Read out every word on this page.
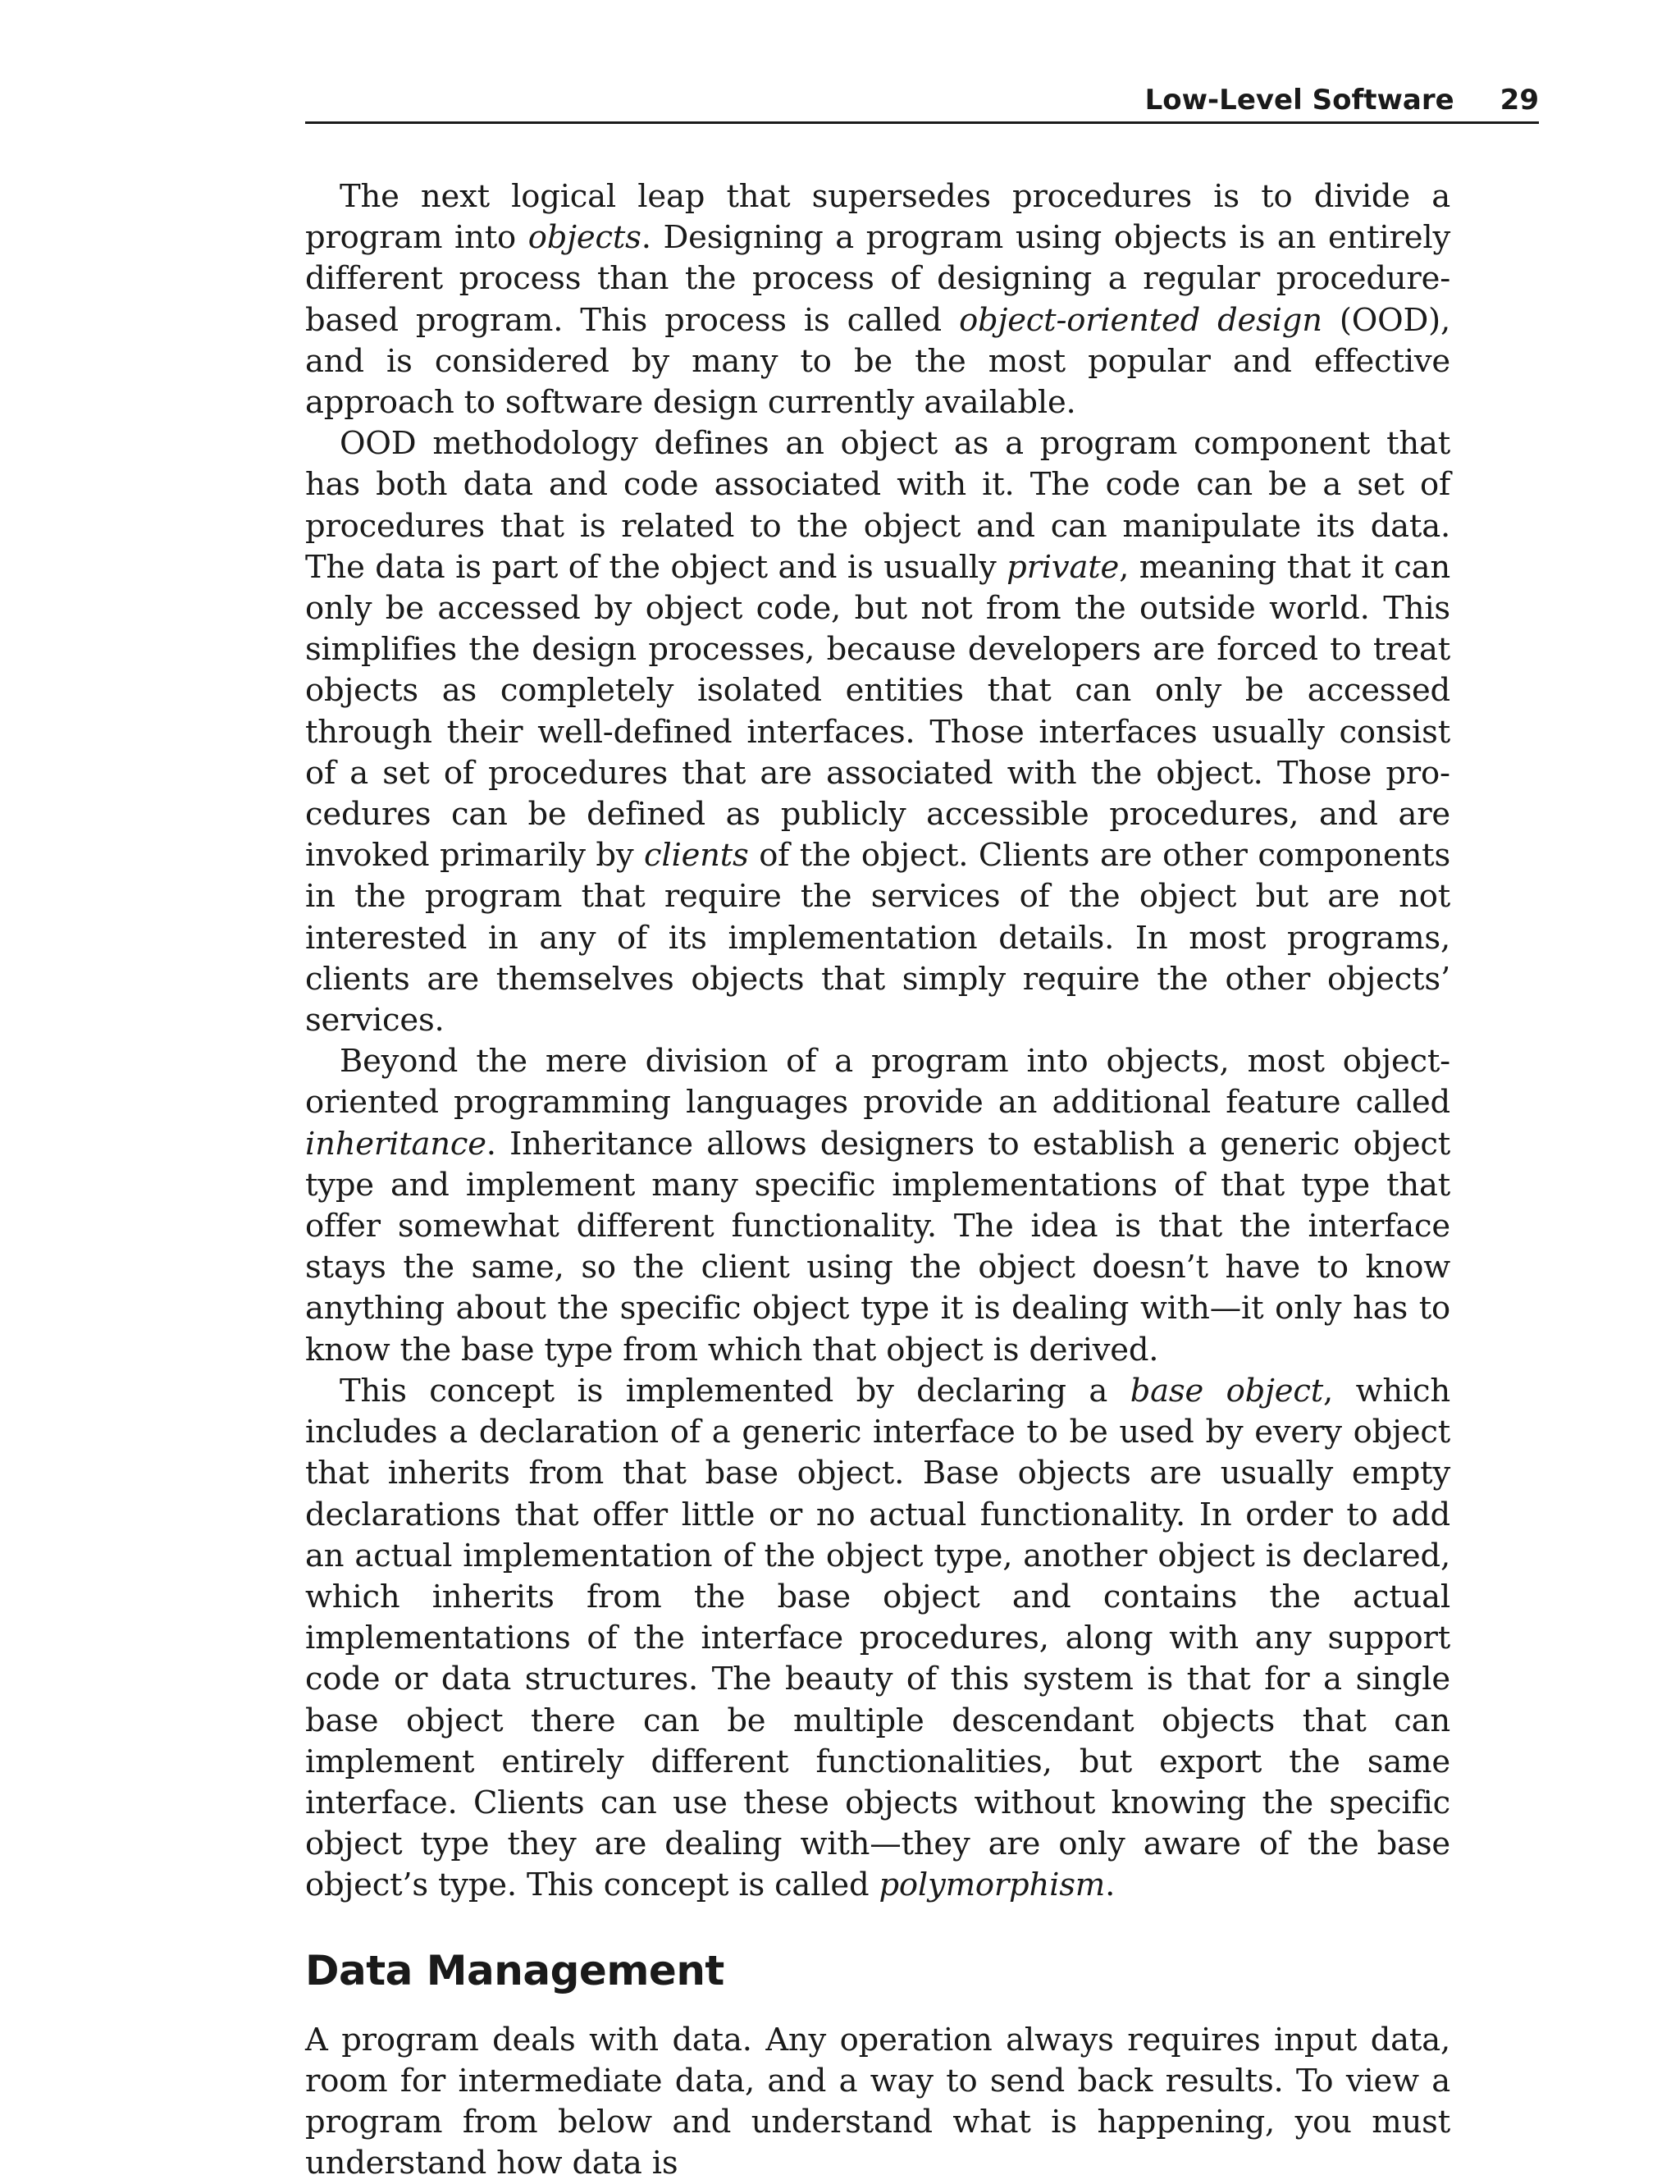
Low-Level Software 29

The next logical leap that supersedes procedures is to divide a program into objects. Designing a program using objects is an entirely different process than the process of designing a regular procedure-based program. This process is called object-oriented design (OOD), and is considered by many to be the most popular and effective approach to software design currently available.

OOD methodology defines an object as a program component that has both data and code associated with it. The code can be a set of procedures that is related to the object and can manipulate its data. The data is part of the object and is usually private, meaning that it can only be accessed by object code, but not from the outside world. This simplifies the design processes, because developers are forced to treat objects as completely isolated entities that can only be accessed through their well-defined interfaces. Those interfaces usually consist of a set of procedures that are associated with the object. Those procedures can be defined as publicly accessible procedures, and are invoked primarily by clients of the object. Clients are other components in the program that require the services of the object but are not interested in any of its implementation details. In most programs, clients are themselves objects that simply require the other objects’ services.

Beyond the mere division of a program into objects, most object-oriented programming languages provide an additional feature called inheritance. Inheritance allows designers to establish a generic object type and implement many specific implementations of that type that offer somewhat different functionality. The idea is that the interface stays the same, so the client using the object doesn’t have to know anything about the specific object type it is dealing with—it only has to know the base type from which that object is derived.

This concept is implemented by declaring a base object, which includes a declaration of a generic interface to be used by every object that inherits from that base object. Base objects are usually empty declarations that offer little or no actual functionality. In order to add an actual implementation of the object type, another object is declared, which inherits from the base object and contains the actual implementations of the interface procedures, along with any support code or data structures. The beauty of this system is that for a single base object there can be multiple descendant objects that can implement entirely different functionalities, but export the same interface. Clients can use these objects without knowing the specific object type they are dealing with—they are only aware of the base object’s type. This concept is called polymorphism.

Data Management

A program deals with data. Any operation always requires input data, room for intermediate data, and a way to send back results. To view a program from below and understand what is happening, you must understand how data is
